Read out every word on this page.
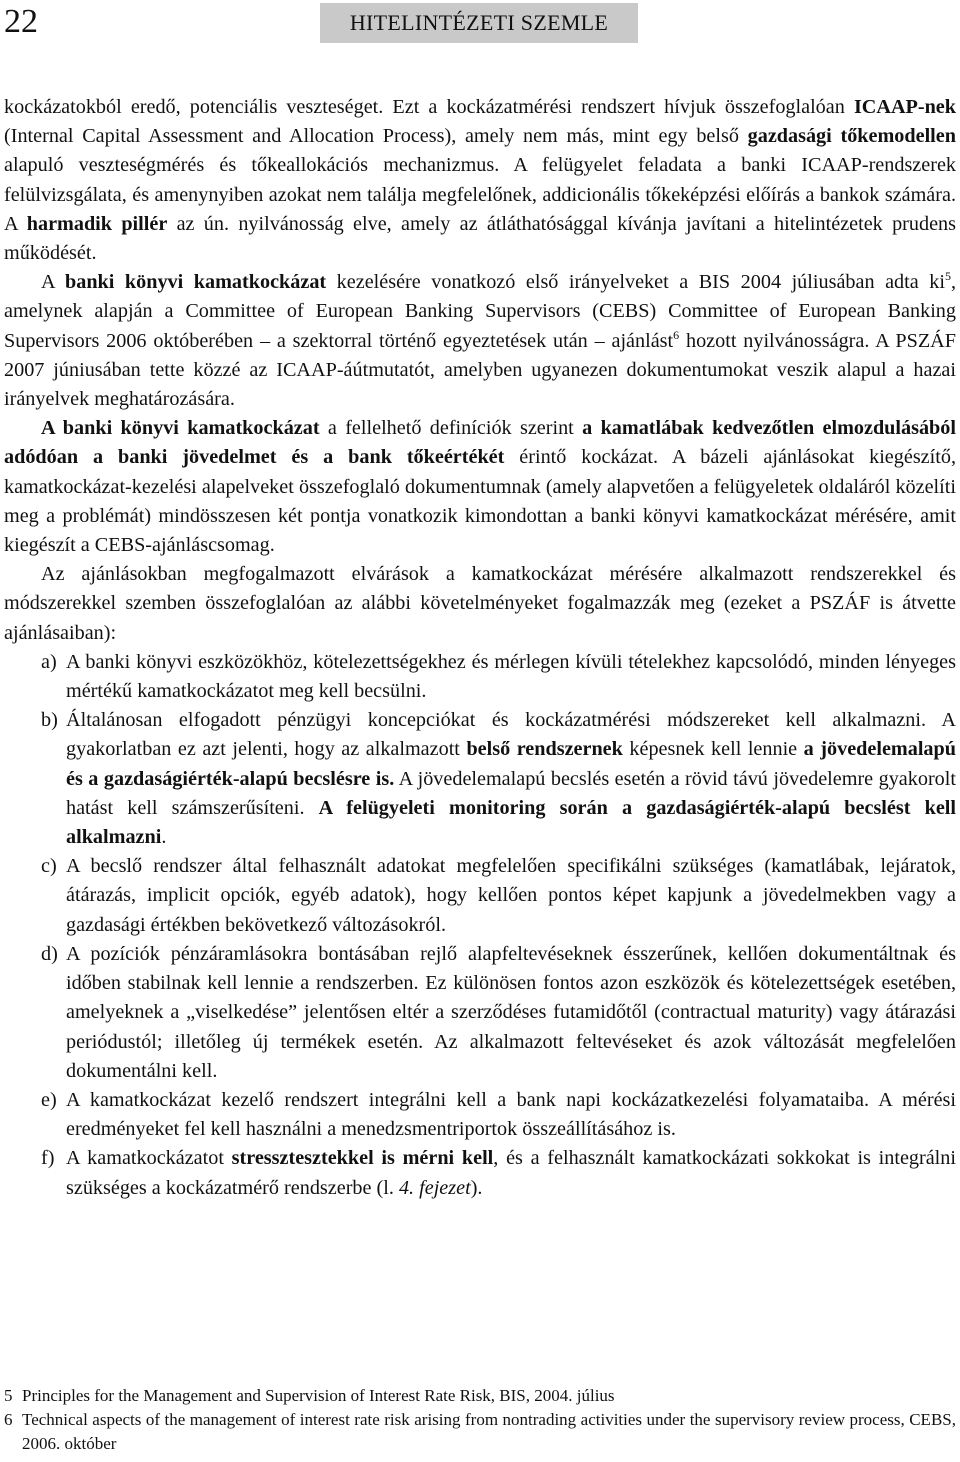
22	HITELINTÉZETI SZEMLE

kockázatokból eredő, potenciális veszteséget. Ezt a kockázatmérési rendszert hívjuk összefoglalóan ICAAP-nek (Internal Capital Assessment and Allocation Process), amely nem más, mint egy belső gazdasági tőkemodellen alapuló veszteségmérés és tőkeallokációs mechanizmus. A felügyelet feladata a banki ICAAP-rendszerek felülvizsgálata, és amenynyiben azokat nem találja megfelelőnek, addicionális tőkeképzési előírás a bankok számára. A harmadik pillér az ún. nyilvánosság elve, amely az átláthatósággal kívánja javítani a hitelintézetek prudens működését.

A banki könyvi kamatkockázat kezelésére vonatkozó első irányelveket a BIS 2004 júliusában adta $ki^5$, amelynek alapján a Committee of European Banking Supervisors (CEBS) Committee of European Banking Supervisors 2006 októberében – a szektorral történő egyeztetések után – ajánlást$^6$ hozott nyilvánosságra. A PSZÁF 2007 júniusában tette közzé az ICAAP-áútmutatót, amelyben ugyanezen dokumentumokat veszik alapul a hazai irányelvek meghatározására.

A banki könyvi kamatkockázat a fellelhető definíciók szerint a kamatlábak kedvezőtlen elmozdulásából adódóan a banki jövedelmet és a bank tőkeértékét érintő kockázat. A bázeli ajánlásokat kiegészítő, kamatkockázat-kezelési alapelveket összefoglaló dokumentumnak (amely alapvetően a felügyeletek oldaláról közelíti meg a problémát) mindösszesen két pontja vonatkozik kimondottan a banki könyvi kamatkockázat mérésére, amit kiegészít a CEBS-ajánláscsomag.

Az ajánlásokban megfogalmazott elvárások a kamatkockázat mérésére alkalmazott rendszerekkel és módszerekkel szemben összefoglalóan az alábbi követelményeket fogalmazzák meg (ezeket a PSZÁF is átvette ajánlásaiban):

a) A banki könyvi eszközökhöz, kötelezettségekhez és mérlegen kívüli tételekhez kapcsolódó, minden lényeges mértékű kamatkockázatot meg kell becsülni.

b) Általánosan elfogadott pénzügyi koncepciókat és kockázatmérési módszereket kell alkalmazni. A gyakorlatban ez azt jelenti, hogy az alkalmazott belső rendszernek képesnek kell lennie a jövedelemalapú és a gazdaságiérték-alapú becslésre is. A jövedelemalapú becslés esetén a rövid távú jövedelemre gyakorolt hatást kell számszerűsíteni. A felügyeleti monitoring során a gazdaságiérték-alapú becslést kell alkalmazni.

c) A becslő rendszer által felhasznált adatokat megfelelően specifikálni szükséges (kamatlábak, lejáratok, átárazás, implicit opciók, egyéb adatok), hogy kellően pontos képet kapjunk a jövedelmekben vagy a gazdasági értékben bekövetkező változásokról.

d) A pozíciók pénzáramlásokra bontásában rejlő alapfeltevéseknek ésszerűnek, kellően dokumentáltnak és időben stabilnak kell lennie a rendszerben. Ez különösen fontos azon eszközök és kötelezettségek esetében, amelyeknek a „viselkedése” jelentősen eltér a szerződéses futamidőtől (contractual maturity) vagy átárazási periódustól; illetőleg új termékek esetén. Az alkalmazott feltevéseket és azok változását megfelelően dokumentálni kell.

e) A kamatkockázat kezelő rendszert integrálni kell a bank napi kockázatkezelési folyamataiba. A mérési eredményeket fel kell használni a menedzsmentriportok összeállításához is.

f) A kamatkockázatot stressztesztekkel is mérni kell, és a felhasznált kamatkockázati sokkokat is integrálni szükséges a kockázatmérő rendszerbe (l. 4. fejezet).

5 Principles for the Management and Supervision of Interest Rate Risk, BIS, 2004. július

6 Technical aspects of the management of interest rate risk arising from nontrading activities under the supervisory review process, CEBS, 2006. október
